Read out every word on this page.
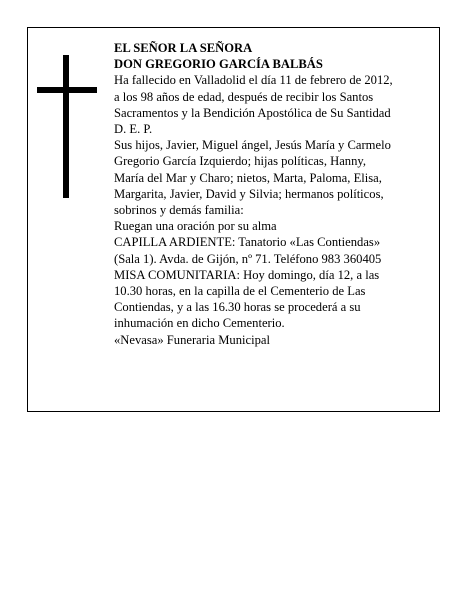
EL SEÑOR LA SEÑORA
DON GREGORIO GARCÍA BALBÁS
Ha fallecido en Valladolid el día 11 de febrero de 2012,
a los 98 años de edad, después de recibir los Santos
Sacramentos y la Bendición Apostólica de Su Santidad
D. E. P.
Sus hijos, Javier, Miguel ángel, Jesús María y Carmelo
Gregorio García Izquierdo; hijas políticas, Hanny,
María del Mar y Charo; nietos, Marta, Paloma, Elisa,
Margarita, Javier, David y Silvia; hermanos políticos,
sobrinos y demás familia:
Ruegan una oración por su alma
CAPILLA ARDIENTE: Tanatorio «Las Contiendas»
(Sala 1). Avda. de Gijón, nº 71. Teléfono 983 360405
MISA COMUNITARIA: Hoy domingo, día 12, a las
10.30 horas, en la capilla de el Cementerio de Las
Contiendas, y a las 16.30 horas se procederá a su
inhumación en dicho Cementerio.
«Nevasa» Funeraria Municipal
